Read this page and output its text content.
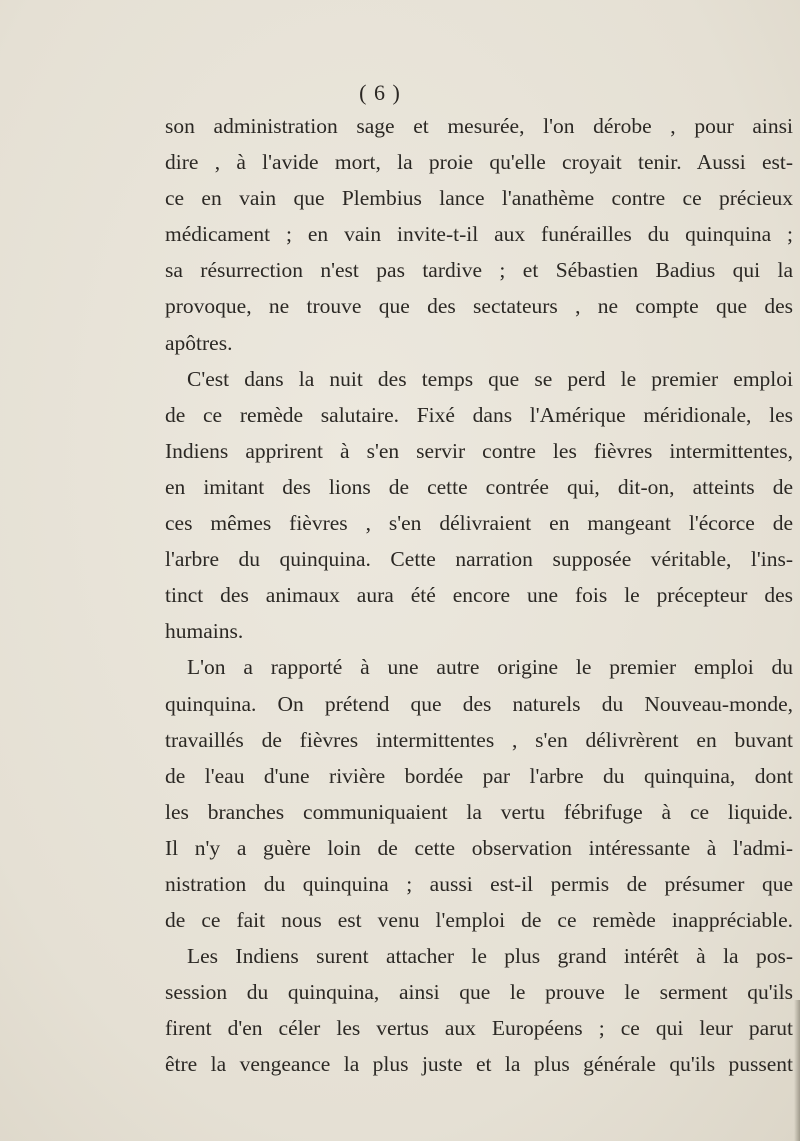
( 6 )
son administration sage et mesurée, l'on dérobe , pour ainsi
dire , à l'avide mort, la proie qu'elle croyait tenir. Aussi est-
ce en vain que Plembius lance l'anathème contre ce précieux
médicament ; en vain invite-t-il aux funérailles du quinquina ;
sa résurrection n'est pas tardive ; et Sébastien Badius qui la
provoque, ne trouve que des sectateurs , ne compte que des
apôtres.
C'est dans la nuit des temps que se perd le premier emploi
de ce remède salutaire. Fixé dans l'Amérique méridionale, les
Indiens apprirent à s'en servir contre les fièvres intermittentes,
en imitant des lions de cette contrée qui, dit-on, atteints de
ces mêmes fièvres , s'en délivraient en mangeant l'écorce de
l'arbre du quinquina. Cette narration supposée véritable, l'ins-
tinct des animaux aura été encore une fois le précepteur des
humains.
L'on a rapporté à une autre origine le premier emploi du
quinquina. On prétend que des naturels du Nouveau-monde,
travaillés de fièvres intermittentes , s'en délivrèrent en buvant
de l'eau d'une rivière bordée par l'arbre du quinquina, dont
les branches communiquaient la vertu fébrifuge à ce liquide.
Il n'y a guère loin de cette observation intéressante à l'admi-
nistration du quinquina ; aussi est-il permis de présumer que
de ce fait nous est venu l'emploi de ce remède inappréciable.
Les Indiens surent attacher le plus grand intérêt à la pos-
session du quinquina, ainsi que le prouve le serment qu'ils
firent d'en céler les vertus aux Européens ; ce qui leur parut
être la vengeance la plus juste et la plus générale qu'ils pussent
